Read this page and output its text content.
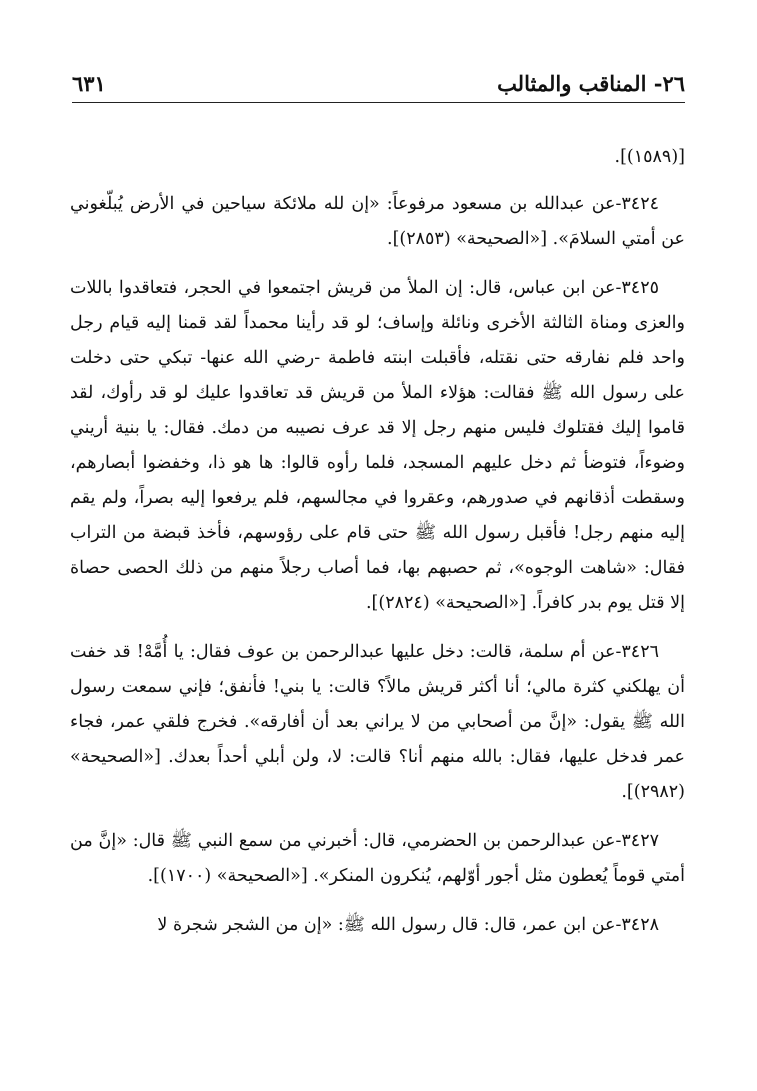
٢٦- المناقب والمثالب
٦٣١
[(١٥٨٩)].
٣٤٢٤-عن عبدالله بن مسعود مرفوعاً: «إن لله ملائكة سياحين في الأرض يُبلّغوني عن أمتي السلامَ». [«الصحيحة» (٢٨٥٣)].
٣٤٢٥-عن ابن عباس، قال: إن الملأ من قريش اجتمعوا في الحجر، فتعاقدوا باللات والعزى ومناة الثالثة الأخرى ونائلة وإساف؛ لو قد رأينا محمداً لقد قمنا إليه قيام رجل واحد فلم نفارقه حتى نقتله، فأقبلت ابنته فاطمة -رضي الله عنها- تبكي حتى دخلت على رسول الله ﷺ فقالت: هؤلاء الملأ من قريش قد تعاقدوا عليك لو قد رأوك، لقد قاموا إليك فقتلوك فليس منهم رجل إلا قد عرف نصيبه من دمك. فقال: يا بنية أريني وضوءاً، فتوضأ ثم دخل عليهم المسجد، فلما رأوه قالوا: ها هو ذا، وخفضوا أبصارهم، وسقطت أذقانهم في صدورهم، وعقروا في مجالسهم، فلم يرفعوا إليه بصراً، ولم يقم إليه منهم رجل! فأقبل رسول الله ﷺ حتى قام على رؤوسهم، فأخذ قبضة من التراب فقال: «شاهت الوجوه»، ثم حصبهم بها، فما أصاب رجلاً منهم من ذلك الحصى حصاة إلا قتل يوم بدر كافراً. [«الصحيحة» (٢٨٢٤)].
٣٤٢٦-عن أم سلمة، قالت: دخل عليها عبدالرحمن بن عوف فقال: يا أُمَّهْ! قد خفت أن يهلكني كثرة مالي؛ أنا أكثر قريش مالاً؟ قالت: يا بني! فأنفق؛ فإني سمعت رسول الله ﷺ يقول: «إنَّ من أصحابي من لا يراني بعد أن أفارقه». فخرج فلقي عمر، فجاء عمر فدخل عليها، فقال: بالله منهم أنا؟ قالت: لا، ولن أبلي أحداً بعدك. [«الصحيحة» (٢٩٨٢)].
٣٤٢٧-عن عبدالرحمن بن الحضرمي، قال: أخبرني من سمع النبي ﷺ قال: «إنَّ من أمتي قوماً يُعطون مثل أجور أوّلهم، يُنكرون المنكر». [«الصحيحة» (١٧٠٠)].
٣٤٢٨-عن ابن عمر، قال: قال رسول الله ﷺ: «إن من الشجر شجرة لا
